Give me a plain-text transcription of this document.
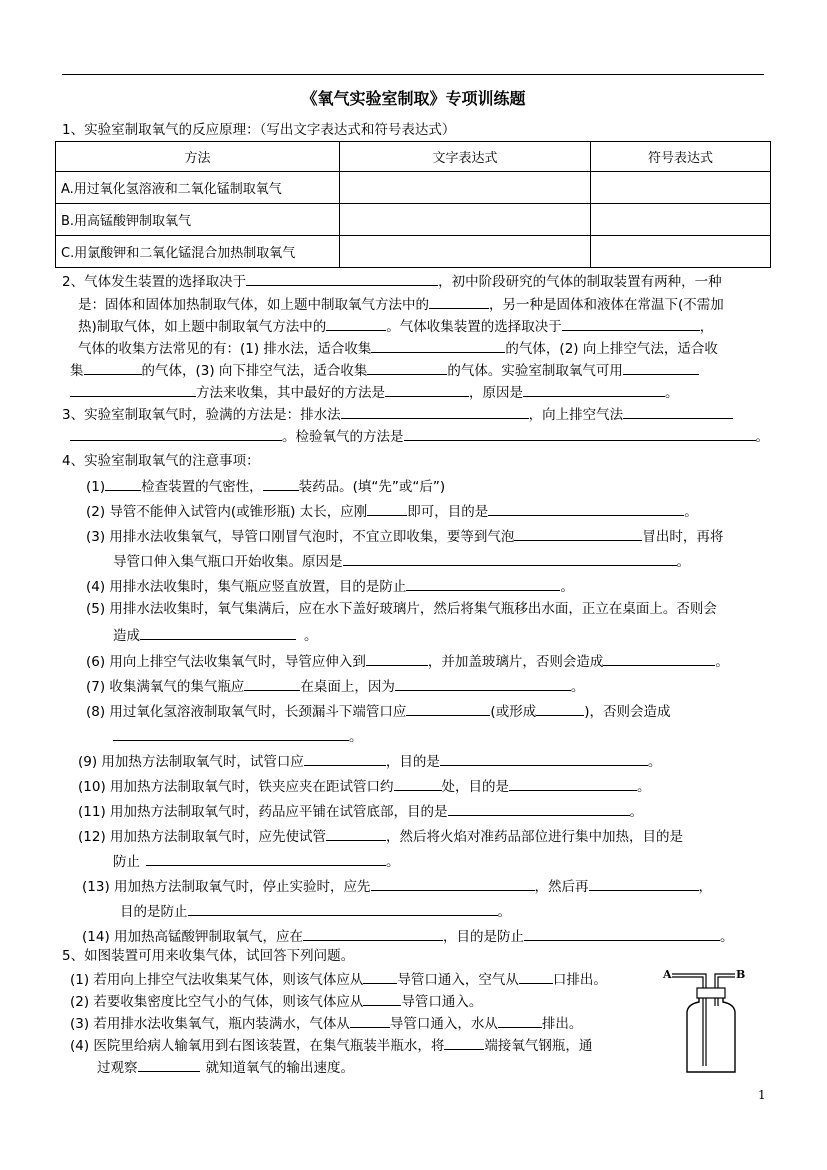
《氧气实验室制取》专项训练题
1、实验室制取氧气的反应原理：（写出文字表达式和符号表达式）
方法	文字表达式	符号表达式
A.用过氧化氢溶液和二氧化锰制取氧气		
B.用高锰酸钾制取氧气		
C.用氯酸钾和二氧化锰混合加热制取氧气		
2、气体发生装置的选择取决于	，初中阶段研究的气体的制取装置有两种，一种
是：固体和固体加热制取气体，如上题中制取氧气方法中的	，另一种是固体和液体在常温下(不需加
热)制取气体，如上题中制取氧气方法中的	。气体收集装置的选择取决于	，
气体的收集方法常见的有：(1) 排水法，适合收集	的气体，(2) 向上排空气法，适合收
集	的气体，(3) 向下排空气法，适合收集	的气体。实验室制取氧气可用
方法来收集，其中最好的方法是	，原因是	。
3、实验室制取氧气时，验满的方法是：排水法	，向上排空气法
。检验氧气的方法是	。
4、实验室制取氧气的注意事项：
(1)	检查装置的气密性，	装药品。(填“先”或“后”)
(2) 导管不能伸入试管内(或锥形瓶) 太长，应刚	即可，目的是	。
(3) 用排水法收集氧气，导管口刚冒气泡时，不宜立即收集，要等到气泡	冒出时，再将
导管口伸入集气瓶口开始收集。原因是	。
(4) 用排水法收集时，集气瓶应竖直放置，目的是防止	。
(5) 用排水法收集时，氧气集满后，应在水下盖好玻璃片，然后将集气瓶移出水面，正立在桌面上。否则会
造成	。
(6) 用向上排空气法收集氧气时，导管应伸入到	，并加盖玻璃片，否则会造成	。
(7) 收集满氧气的集气瓶应	在桌面上，因为	。
(8) 用过氧化氢溶液制取氧气时，长颈漏斗下端管口应	(或形成	)，否则会造成
。
(9) 用加热方法制取氧气时，试管口应	，目的是	。
(10) 用加热方法制取氧气时，铁夹应夹在距试管口约	处，目的是	。
(11) 用加热方法制取氧气时，药品应平铺在试管底部，目的是	。
(12) 用加热方法制取氧气时，应先使试管	，然后将火焰对准药品部位进行集中加热，目的是
防止	。
(13) 用加热方法制取氧气时，停止实验时，应先	，然后再	，
目的是防止	。
(14) 用加热高锰酸钾制取氧气，应在	，目的是防止	。
5、如图装置可用来收集气体，试回答下列问题。
(1) 若用向上排空气法收集某气体，则该气体应从	导管口通入，空气从	口排出。
(2) 若要收集密度比空气小的气体，则该气体应从	导管口通入。
(3) 若用排水法收集氧气，瓶内装满水，气体从	导管口通入，水从	排出。
(4) 医院里给病人输氧用到右图该装置，在集气瓶装半瓶水，将	端接氧气钢瓶，通
过观察	就知道氧气的输出速度。
A	B
1
